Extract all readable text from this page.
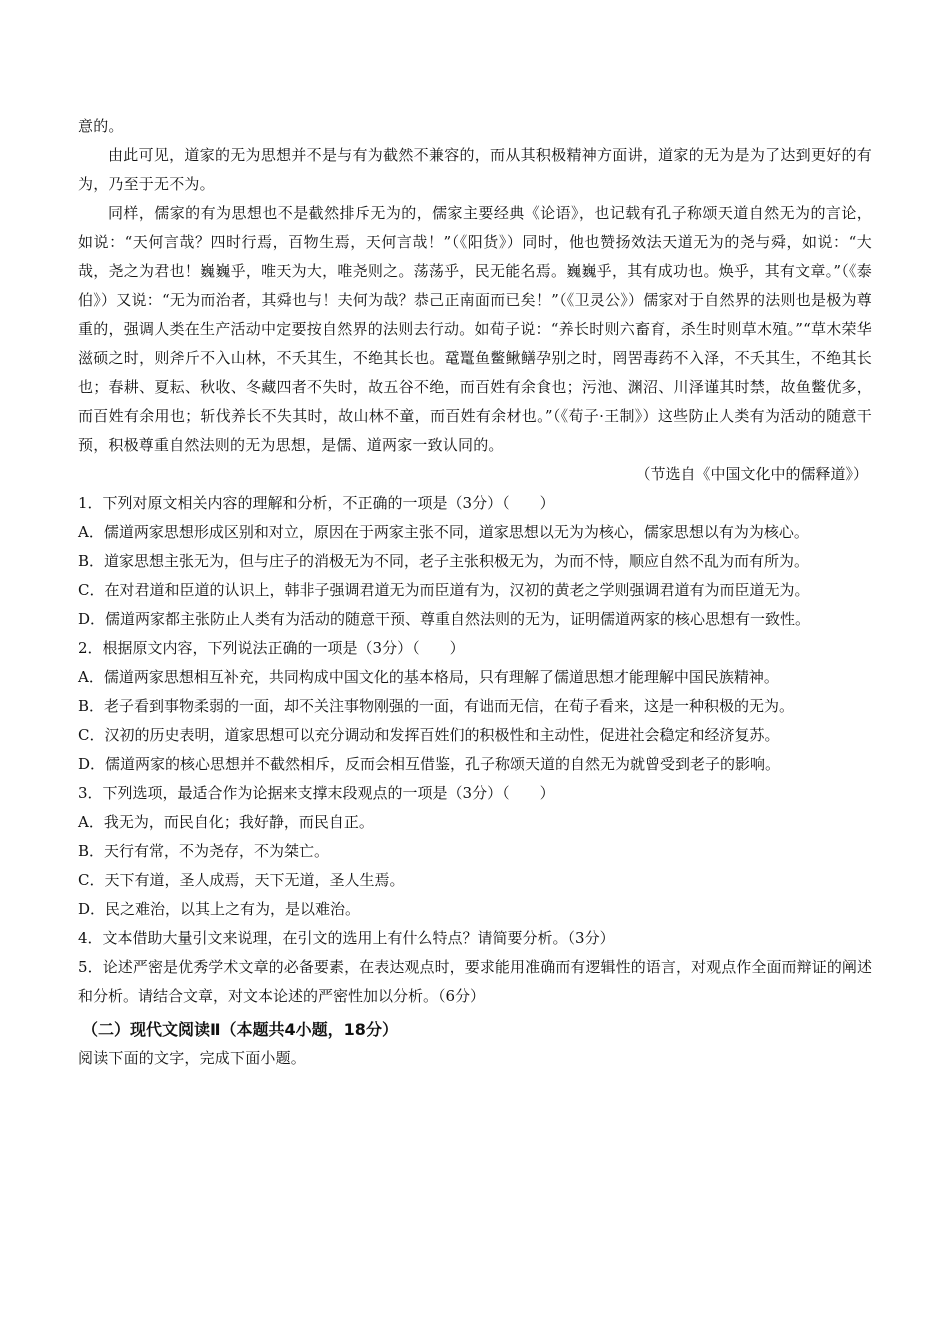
意的。

由此可见，道家的无为思想并不是与有为截然不兼容的，而从其积极精神方面讲，道家的无为是为了达到更好的有为，乃至于无不为。

同样，儒家的有为思想也不是截然排斥无为的，儒家主要经典《论语》，也记载有孔子称颂天道自然无为的言论，如说：“天何言哉？四时行焉，百物生焉，天何言哉！”（《阳货》）同时，他也赞扬效法天道无为的尧与舜，如说：“大哉，尧之为君也！巍巍乎，唯天为大，唯尧则之。荡荡乎，民无能名焉。巍巍乎，其有成功也。焕乎，其有文章。”（《泰伯》）又说：“无为而治者，其舜也与！夫何为哉？恭己正南面而已矣！”（《卫灵公》）儒家对于自然界的法则也是极为尊重的，强调人类在生产活动中定要按自然界的法则去行动。如荀子说：“养长时则六畜育，杀生时则草木殖。”“草木荣华滋硕之时，则斧斤不入山林，不夭其生，不绝其长也。鼋鼍鱼鳖鳅鳝孕别之时，罔罟毒药不入泽，不夭其生，不绝其长也；春耕、夏耘、秋收、冬藏四者不失时，故五谷不绝，而百姓有余食也；污池、渊沼、川泽谨其时禁，故鱼鳖优多，而百姓有余用也；斩伐养长不失其时，故山林不童，而百姓有余材也。”（《荀子·王制》）这些防止人类有为活动的随意干预，积极尊重自然法则的无为思想，是儒、道两家一致认同的。

（节选自《中国文化中的儒释道》）

1．下列对原文相关内容的理解和分析，不正确的一项是（3分）（　　）

A．儒道两家思想形成区别和对立，原因在于两家主张不同，道家思想以无为为核心，儒家思想以有为为核心。

B．道家思想主张无为，但与庄子的消极无为不同，老子主张积极无为，为而不恃，顺应自然不乱为而有所为。

C．在对君道和臣道的认识上，韩非子强调君道无为而臣道有为，汉初的黄老之学则强调君道有为而臣道无为。

D．儒道两家都主张防止人类有为活动的随意干预、尊重自然法则的无为，证明儒道两家的核心思想有一致性。

2．根据原文内容，下列说法正确的一项是（3分）（　　）

A．儒道两家思想相互补充，共同构成中国文化的基本格局，只有理解了儒道思想才能理解中国民族精神。

B．老子看到事物柔弱的一面，却不关注事物刚强的一面，有诎而无信，在荀子看来，这是一种积极的无为。

C．汉初的历史表明，道家思想可以充分调动和发挥百姓们的积极性和主动性，促进社会稳定和经济复苏。

D．儒道两家的核心思想并不截然相斥，反而会相互借鉴，孔子称颂天道的自然无为就曾受到老子的影响。

3．下列选项，最适合作为论据来支撑末段观点的一项是（3分）（　　）

A．我无为，而民自化；我好静，而民自正。

B．天行有常，不为尧存，不为桀亡。

C．天下有道，圣人成焉，天下无道，圣人生焉。

D．民之难治，以其上之有为，是以难治。

4．文本借助大量引文来说理，在引文的选用上有什么特点？请简要分析。（3分）

5．论述严密是优秀学术文章的必备要素，在表达观点时，要求能用准确而有逻辑性的语言，对观点作全面而辩证的阐述和分析。请结合文章，对文本论述的严密性加以分析。（6分）

（二）现代文阅读Ⅱ（本题共4小题，18分）

阅读下面的文字，完成下面小题。
